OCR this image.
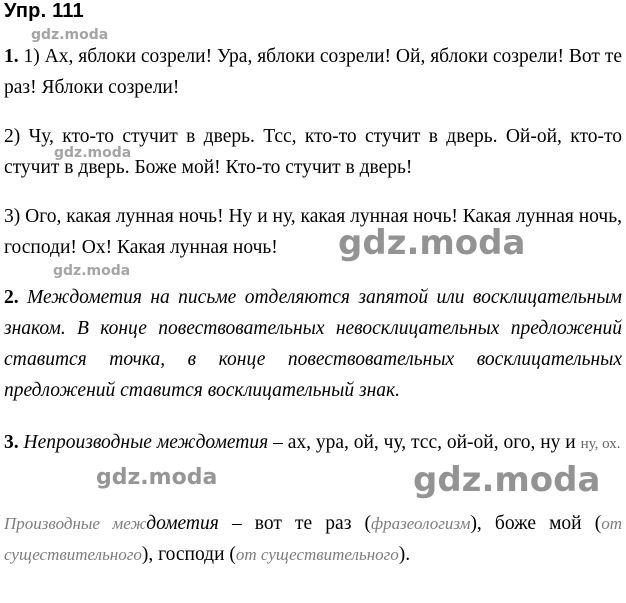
Упр. 111
1. 1) Ах, яблоки созрели! Ура, яблоки созрели! Ой, яблоки созрели! Вот те раз! Яблоки созрели!
2) Чу, кто-то стучит в дверь. Тсс, кто-то стучит в дверь. Ой-ой, кто-то стучит в дверь. Боже мой! Кто-то стучит в дверь!
3) Ого, какая лунная ночь! Ну и ну, какая лунная ночь! Какая лунная ночь, господи! Ох! Какая лунная ночь!
2. Междометия на письме отделяются запятой или восклицательным знаком. В конце повествовательных невосклицательных предложений ставится точка, в конце повествовательных восклицательных предложений ставится восклицательный знак.
3. Непроизводные междометия – ах, ура, ой, чу, тсс, ой-ой, ого, ну и ну, ох.
Производные междометия – вот те раз (фразеологизм), боже мой (от существительного), господи (от существительного).
gdz.moda
gdz.moda
gdz.moda
gdz.moda
gdz.moda	gdz.moda
